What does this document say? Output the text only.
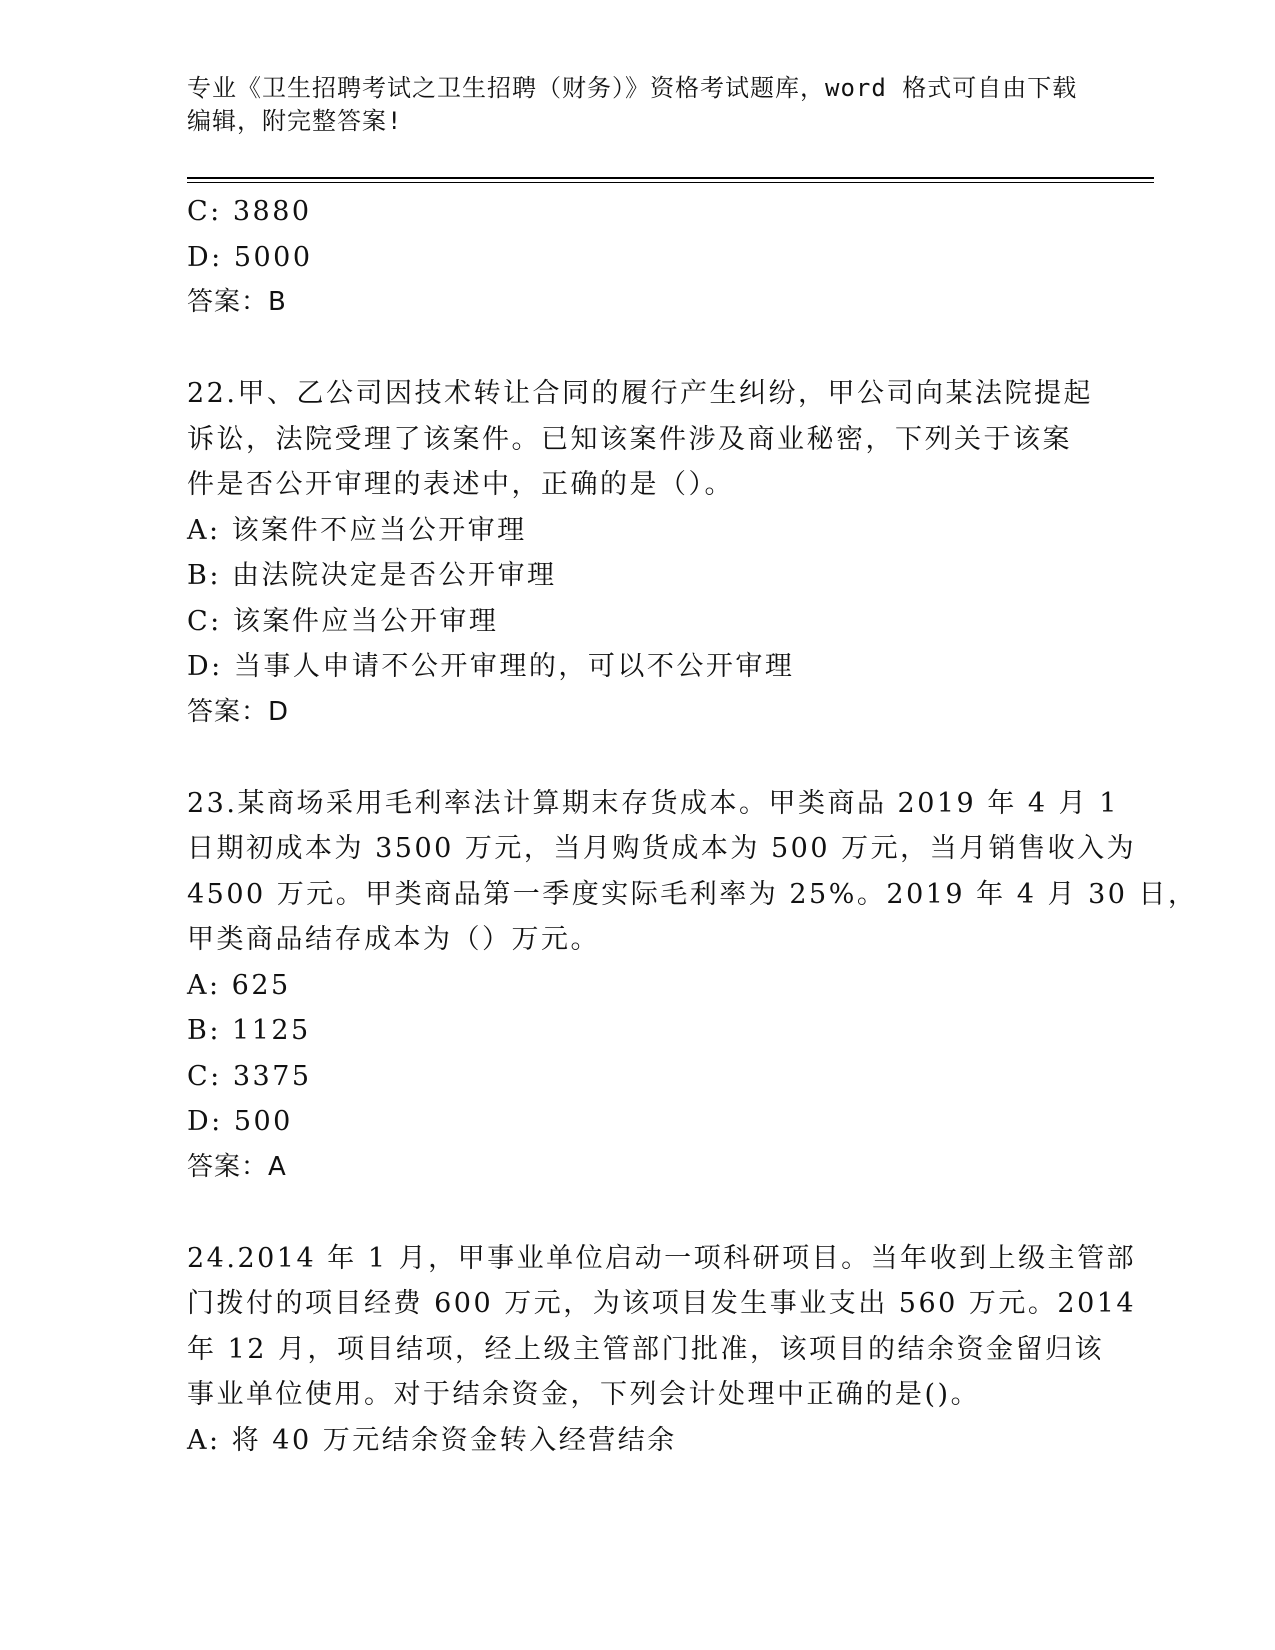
专业《卫生招聘考试之卫生招聘（财务）》资格考试题库，word 格式可自由下载
编辑，附完整答案!
C: 3880
D: 5000
答案：B
22.甲、乙公司因技术转让合同的履行产生纠纷，甲公司向某法院提起
诉讼，法院受理了该案件。已知该案件涉及商业秘密，下列关于该案
件是否公开审理的表述中，正确的是（）。
A: 该案件不应当公开审理
B: 由法院决定是否公开审理
C: 该案件应当公开审理
D: 当事人申请不公开审理的，可以不公开审理
答案：D
23.某商场采用毛利率法计算期末存货成本。甲类商品 2019 年 4 月 1
日期初成本为 3500 万元，当月购货成本为 500 万元，当月销售收入为
4500 万元。甲类商品第一季度实际毛利率为 25%。2019 年 4 月 30 日，
甲类商品结存成本为（）万元。
A: 625
B: 1125
C: 3375
D: 500
答案：A
24.2014 年 1 月，甲事业单位启动一项科研项目。当年收到上级主管部
门拨付的项目经费 600 万元，为该项目发生事业支出 560 万元。2014
年 12 月，项目结项，经上级主管部门批准，该项目的结余资金留归该
事业单位使用。对于结余资金，下列会计处理中正确的是()。
A: 将 40 万元结余资金转入经营结余
